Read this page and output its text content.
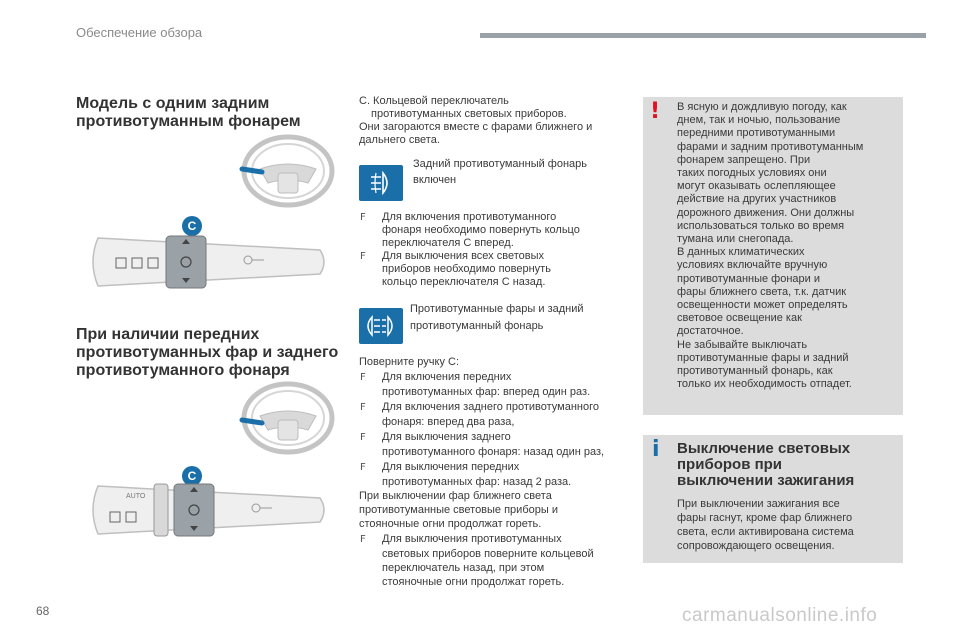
Обеспечение обзора
Модель с одним задним
противотуманным фонарем
При наличии передних
противотуманных фар и заднего
противотуманного фонаря
C
C
AUTO
C. Кольцевой переключатель
противотуманных световых приборов.
Они загораются вместе с фарами ближнего и
дальнего света.
Задний противотуманный фонарь
включен
F Для включения противотуманного
фонаря необходимо повернуть кольцо
переключателя C вперед.
F Для выключения всех световых
приборов необходимо повернуть
кольцо переключателя C назад.
Противотуманные фары и задний
противотуманный фонарь
Поверните ручку C:
F Для включения передних
противотуманных фар: вперед один раз.
F Для включения заднего противотуманного
фонаря: вперед два раза,
F Для выключения заднего
противотуманного фонаря: назад один раз,
F Для выключения передних
противотуманных фар: назад 2 раза.
При выключении фар ближнего света
противотуманные световые приборы и
стояночные огни продолжат гореть.
F Для выключения противотуманных
световых приборов поверните кольцевой
переключатель назад, при этом
стояночные огни продолжат гореть.
! В ясную и дождливую погоду, как
днем, так и ночью, пользование
передними противотуманными
фарами и задним противотуманным
фонарем запрещено. При
таких погодных условиях они
могут оказывать ослепляющее
действие на других участников
дорожного движения. Они должны
использоваться только во время
тумана или снегопада.
В данных климатических
условиях включайте вручную
противотуманные фонари и
фары ближнего света, т.к. датчик
освещенности может определять
световое освещение как
достаточное.
Не забывайте выключать
противотуманные фары и задний
противотуманный фонарь, как
только их необходимость отпадет.
i Выключение световых
приборов при
выключении зажигания
При выключении зажигания все
фары гаснут, кроме фар ближнего
света, если активирована система
сопровождающего освещения.
68	carmanualsonline.info
